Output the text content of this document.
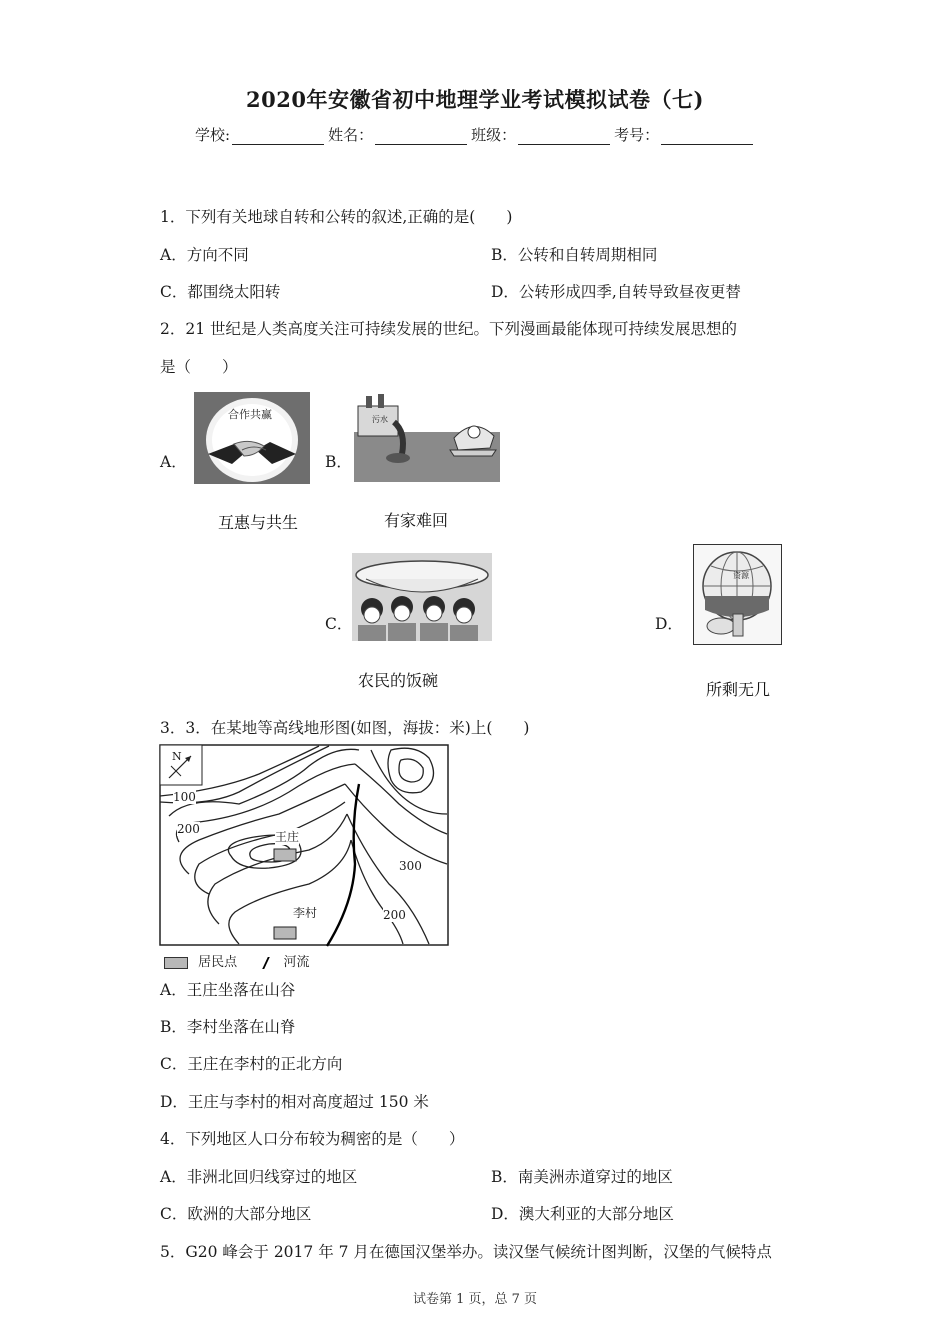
2020年安徽省初中地理学业考试模拟试卷（七)
学校:	姓名：	班级：	考号：
1．下列有关地球自转和公转的叙述,正确的是(　　)
A．方向不同	B．公转和自转周期相同
C．都围绕太阳转	D．公转形成四季,自转导致昼夜更替
2．21 世纪是人类高度关注可持续发展的世纪。下列漫画最能体现可持续发展思想的
是（　　）
A．
合作共赢
互惠与共生
B．
污水
有家难回
C．
农民的饭碗
D．
资源
所剩无几
3．3．在某地等高线地形图(如图，海拔：米)上(　　)
N
100
200
300
200
王庄
李村
居民点	河流
A．王庄坐落在山谷
B．李村坐落在山脊
C．王庄在李村的正北方向
D．王庄与李村的相对高度超过 150 米
4．下列地区人口分布较为稠密的是（　　）
A．非洲北回归线穿过的地区	B．南美洲赤道穿过的地区
C．欧洲的大部分地区	D．澳大利亚的大部分地区
5．G20 峰会于 2017 年 7 月在德国汉堡举办。读汉堡气候统计图判断，汉堡的气候特点
试卷第 1 页，总 7 页
